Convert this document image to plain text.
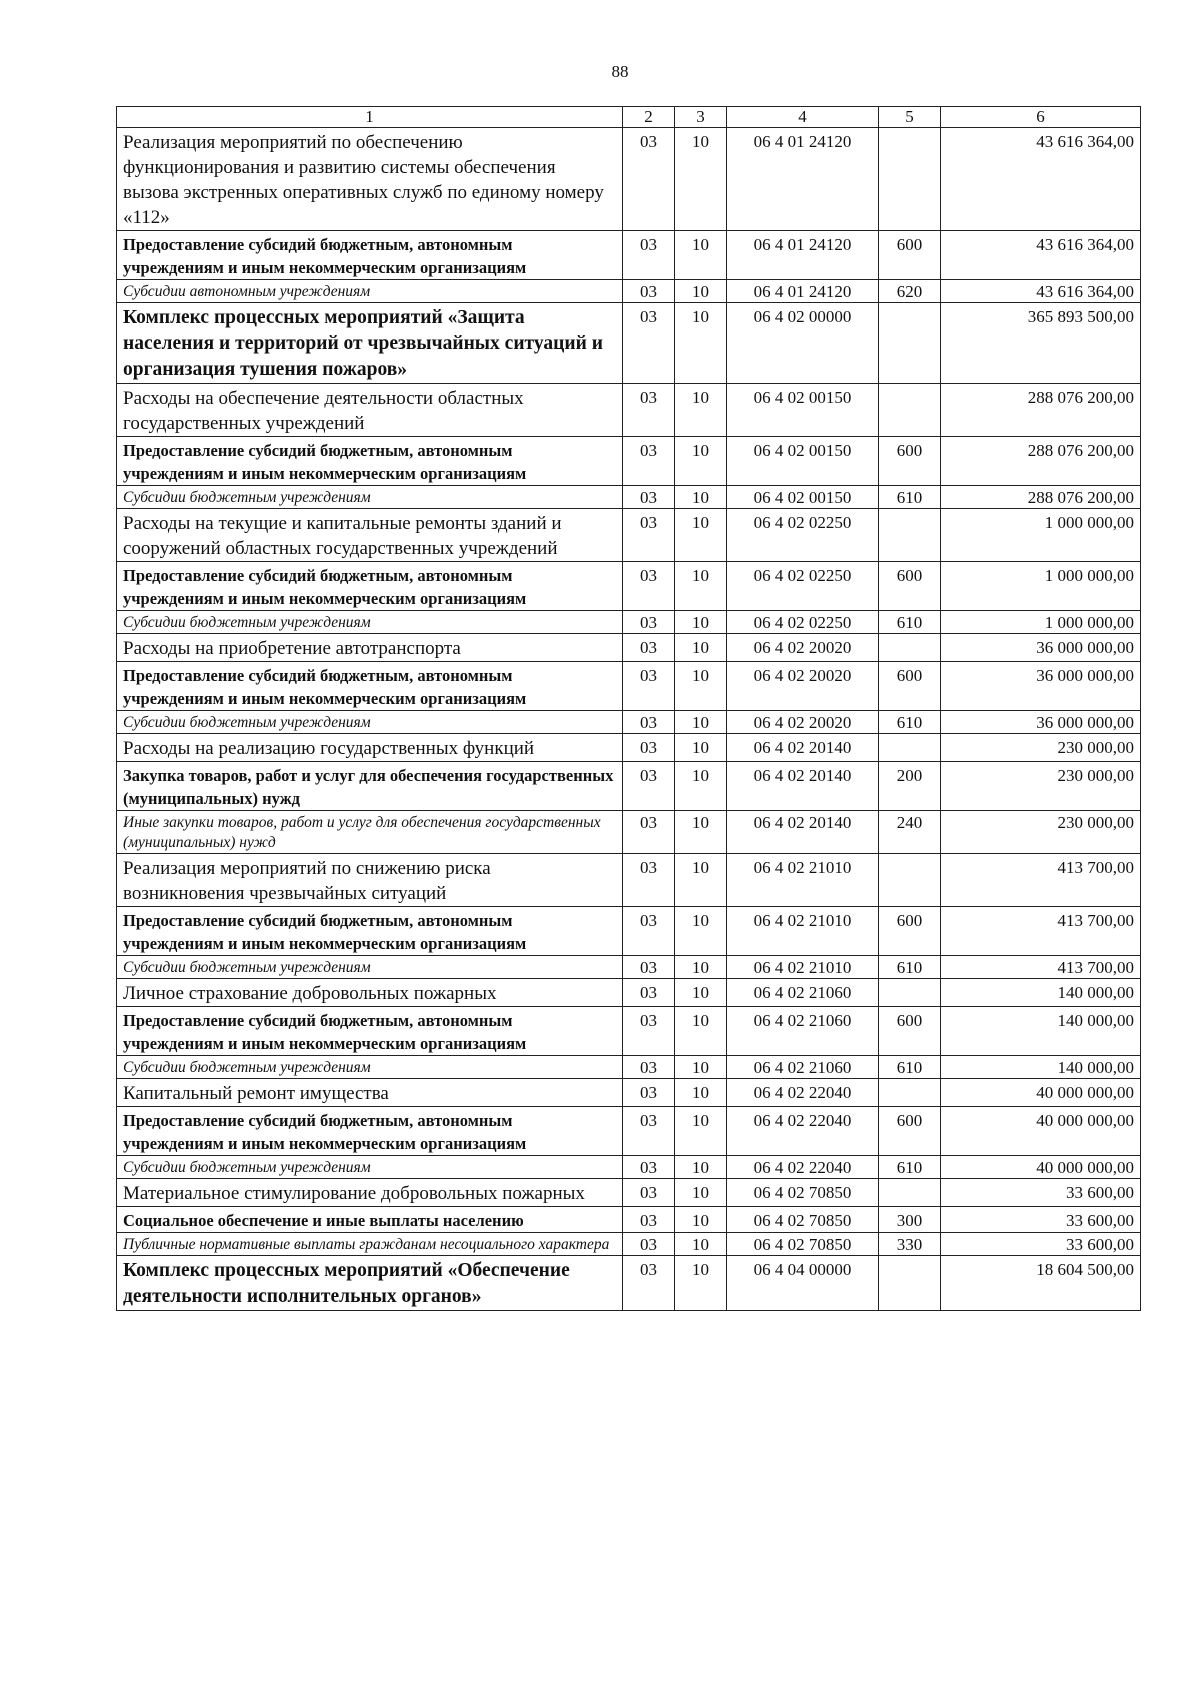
88
1	2	3	4	5	6
Реализация мероприятий по обеспечению функционирования и развитию системы обеспечения вызова экстренных оперативных служб по единому номеру «112»	03	10	06 4 01 24120		43 616 364,00
Предоставление субсидий бюджетным, автономным учреждениям и иным некоммерческим организациям	03	10	06 4 01 24120	600	43 616 364,00
Субсидии автономным учреждениям	03	10	06 4 01 24120	620	43 616 364,00
Комплекс процессных мероприятий «Защита населения и территорий от чрезвычайных ситуаций и организация тушения пожаров»	03	10	06 4 02 00000		365 893 500,00
Расходы на обеспечение деятельности областных государственных учреждений	03	10	06 4 02 00150		288 076 200,00
Предоставление субсидий бюджетным, автономным учреждениям и иным некоммерческим организациям	03	10	06 4 02 00150	600	288 076 200,00
Субсидии бюджетным учреждениям	03	10	06 4 02 00150	610	288 076 200,00
Расходы на текущие и капитальные ремонты зданий и сооружений областных государственных учреждений	03	10	06 4 02 02250		1 000 000,00
Предоставление субсидий бюджетным, автономным учреждениям и иным некоммерческим организациям	03	10	06 4 02 02250	600	1 000 000,00
Субсидии бюджетным учреждениям	03	10	06 4 02 02250	610	1 000 000,00
Расходы на приобретение автотранспорта	03	10	06 4 02 20020		36 000 000,00
Предоставление субсидий бюджетным, автономным учреждениям и иным некоммерческим организациям	03	10	06 4 02 20020	600	36 000 000,00
Субсидии бюджетным учреждениям	03	10	06 4 02 20020	610	36 000 000,00
Расходы на реализацию государственных функций	03	10	06 4 02 20140		230 000,00
Закупка товаров, работ и услуг для обеспечения государственных (муниципальных) нужд	03	10	06 4 02 20140	200	230 000,00
Иные закупки товаров, работ и услуг для обеспечения государственных (муниципальных) нужд	03	10	06 4 02 20140	240	230 000,00
Реализация мероприятий по снижению риска возникновения чрезвычайных ситуаций	03	10	06 4 02 21010		413 700,00
Предоставление субсидий бюджетным, автономным учреждениям и иным некоммерческим организациям	03	10	06 4 02 21010	600	413 700,00
Субсидии бюджетным учреждениям	03	10	06 4 02 21010	610	413 700,00
Личное страхование добровольных пожарных	03	10	06 4 02 21060		140 000,00
Предоставление субсидий бюджетным, автономным учреждениям и иным некоммерческим организациям	03	10	06 4 02 21060	600	140 000,00
Субсидии бюджетным учреждениям	03	10	06 4 02 21060	610	140 000,00
Капитальный ремонт имущества	03	10	06 4 02 22040		40 000 000,00
Предоставление субсидий бюджетным, автономным учреждениям и иным некоммерческим организациям	03	10	06 4 02 22040	600	40 000 000,00
Субсидии бюджетным учреждениям	03	10	06 4 02 22040	610	40 000 000,00
Материальное стимулирование добровольных пожарных	03	10	06 4 02 70850		33 600,00
Социальное обеспечение и иные выплаты населению	03	10	06 4 02 70850	300	33 600,00
Публичные нормативные выплаты гражданам несоциального характера	03	10	06 4 02 70850	330	33 600,00
Комплекс процессных мероприятий «Обеспечение деятельности исполнительных органов»	03	10	06 4 04 00000		18 604 500,00
